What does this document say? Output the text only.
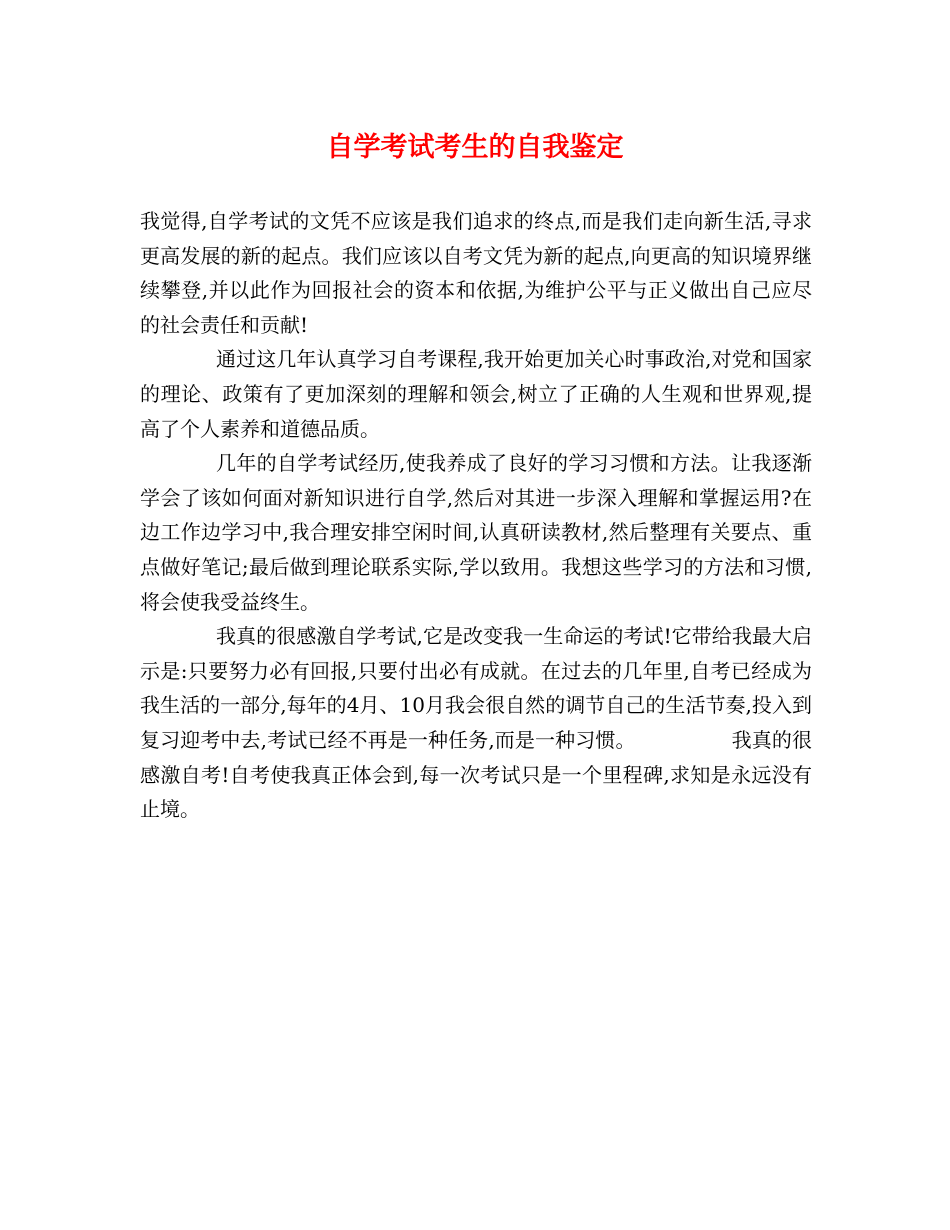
自学考试考生的自我鉴定

我觉得,自学考试的文凭不应该是我们追求的终点,而是我们走向新生活,寻求更高发展的新的起点。我们应该以自考文凭为新的起点,向更高的知识境界继续攀登,并以此作为回报社会的资本和依据,为维护公平与正义做出自己应尽的社会责任和贡献!

通过这几年认真学习自考课程,我开始更加关心时事政治,对党和国家的理论、政策有了更加深刻的理解和领会,树立了正确的人生观和世界观,提高了个人素养和道德品质。

几年的自学考试经历,使我养成了良好的学习习惯和方法。让我逐渐学会了该如何面对新知识进行自学,然后对其进一步深入理解和掌握运用?在边工作边学习中,我合理安排空闲时间,认真研读教材,然后整理有关要点、重点做好笔记;最后做到理论联系实际,学以致用。我想这些学习的方法和习惯,将会使我受益终生。

我真的很感激自学考试,它是改变我一生命运的考试!它带给我最大启示是:只要努力必有回报,只要付出必有成就。在过去的几年里,自考已经成为我生活的一部分,每年的4月、10月我会很自然的调节自己的生活节奏,投入到复习迎考中去,考试已经不再是一种任务,而是一种习惯。	我真的很感激自考!自考使我真正体会到,每一次考试只是一个里程碑,求知是永远没有止境。
